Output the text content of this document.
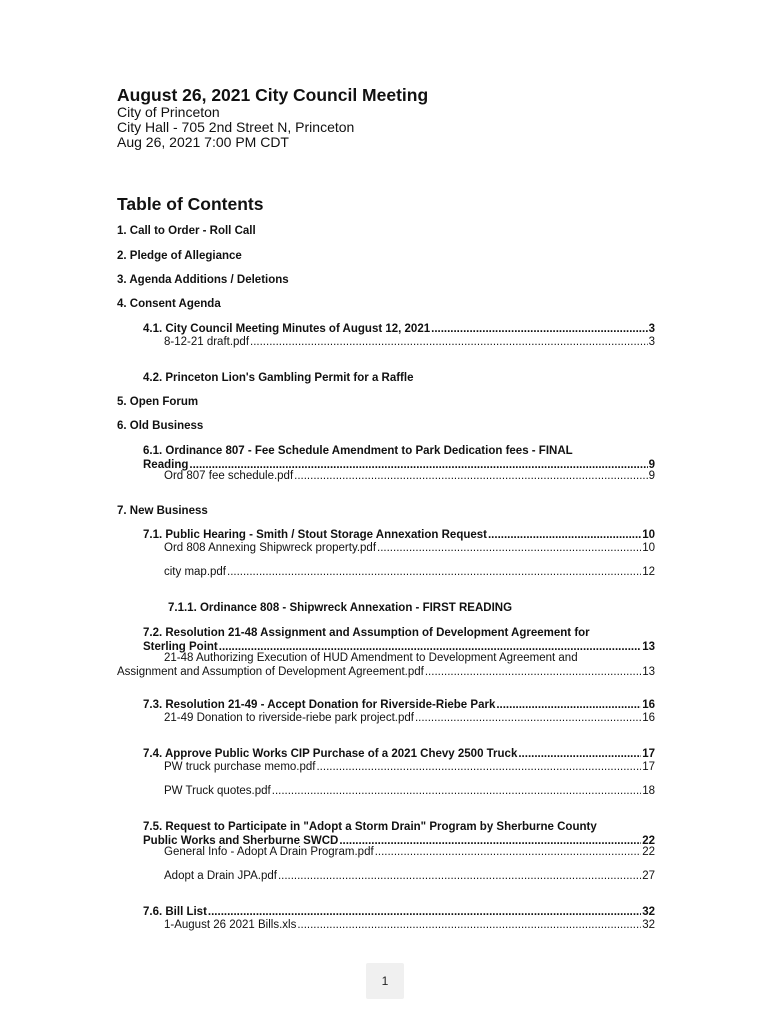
August 26, 2021 City Council Meeting
City of Princeton
City Hall - 705 2nd Street N, Princeton
Aug 26, 2021 7:00 PM CDT
Table of Contents
1. Call to Order - Roll Call
2. Pledge of Allegiance
3. Agenda Additions / Deletions
4. Consent Agenda
4.1. City Council Meeting Minutes of August 12, 2021 .....	3
8-12-21 draft.pdf .....	3
4.2. Princeton Lion's Gambling Permit for a Raffle
5. Open Forum
6. Old Business
6.1. Ordinance 807 - Fee Schedule Amendment to Park Dedication fees - FINAL
Reading .....	9
Ord 807 fee schedule.pdf .....	9
7. New Business
7.1. Public Hearing - Smith / Stout Storage Annexation Request .....	10
Ord 808 Annexing Shipwreck property.pdf .....	10
city map.pdf .....	12
7.1.1. Ordinance 808 - Shipwreck Annexation - FIRST READING
7.2. Resolution 21-48 Assignment and Assumption of Development Agreement for
Sterling Point .....	13
21-48 Authorizing Execution of HUD Amendment to Development Agreement and
Assignment and Assumption of Development Agreement.pdf .....	13
7.3. Resolution 21-49 - Accept Donation for Riverside-Riebe Park .....	16
21-49 Donation to riverside-riebe park project.pdf .....	16
7.4. Approve Public Works CIP Purchase of a 2021 Chevy 2500 Truck .....	17
PW truck purchase memo.pdf .....	17
PW Truck quotes.pdf .....	18
7.5. Request to Participate in "Adopt a Storm Drain" Program by Sherburne County
Public Works and Sherburne SWCD .....	22
General Info - Adopt A Drain Program.pdf .....	22
Adopt a Drain JPA.pdf .....	27
7.6. Bill List .....	32
1-August 26 2021 Bills.xls .....	32
1
